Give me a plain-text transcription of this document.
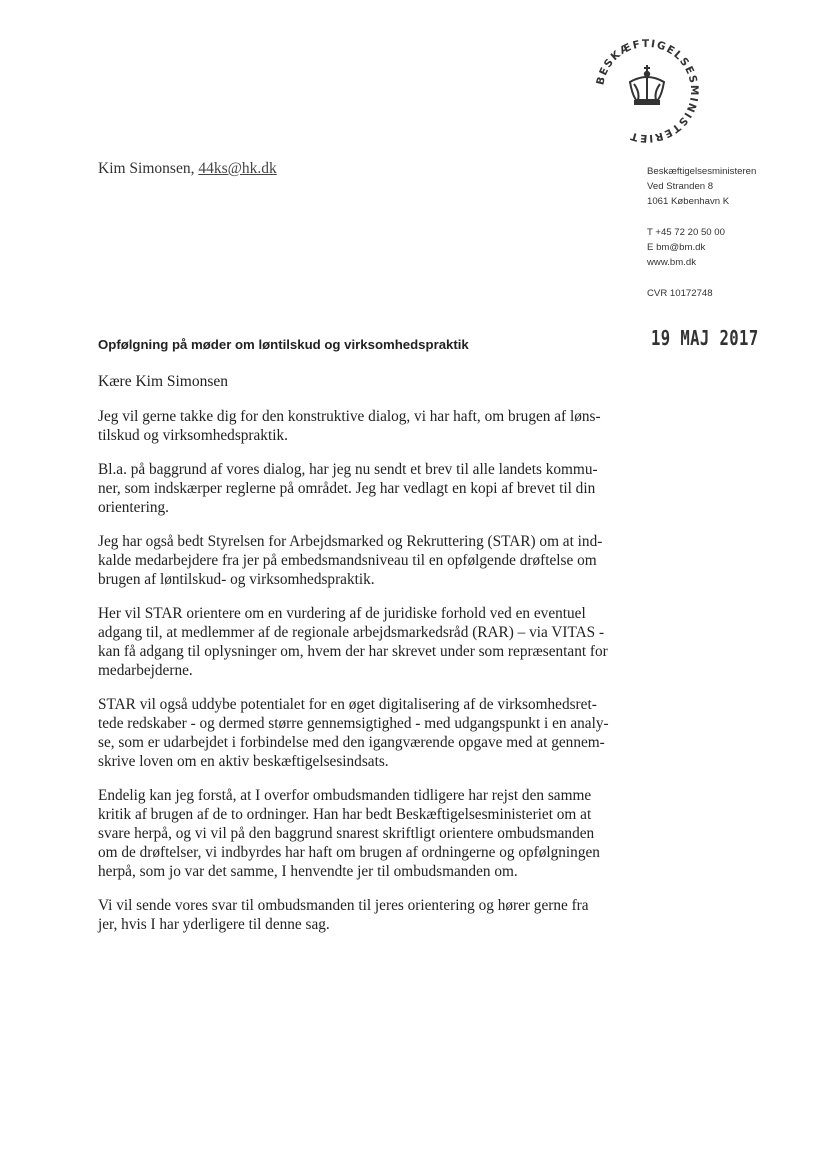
BESKÆFTIGELSESMINISTERIET
Kim Simonsen, 44ks@hk.dk	Beskæftigelsesministeren
Ved Stranden 8
1061 København K
T +45 72 20 50 00
E bm@bm.dk
www.bm.dk
CVR 10172748
19 MAJ 2017
Opfølgning på møder om løntilskud og virksomhedspraktik
Kære Kim Simonsen

Jeg vil gerne takke dig for den konstruktive dialog, vi har haft, om brugen af løns-
tilskud og virksomhedspraktik.

Bl.a. på baggrund af vores dialog, har jeg nu sendt et brev til alle landets kommu-
ner, som indskærper reglerne på området. Jeg har vedlagt en kopi af brevet til din
orientering.

Jeg har også bedt Styrelsen for Arbejdsmarked og Rekruttering (STAR) om at ind-
kalde medarbejdere fra jer på embedsmandsniveau til en opfølgende drøftelse om
brugen af løntilskud- og virksomhedspraktik.

Her vil STAR orientere om en vurdering af de juridiske forhold ved en eventuel
adgang til, at medlemmer af de regionale arbejdsmarkedsråd (RAR) – via VITAS -
kan få adgang til oplysninger om, hvem der har skrevet under som repræsentant for
medarbejderne.

STAR vil også uddybe potentialet for en øget digitalisering af de virksomhedsret-
tede redskaber - og dermed større gennemsigtighed - med udgangspunkt i en analy-
se, som er udarbejdet i forbindelse med den igangværende opgave med at gennem-
skrive loven om en aktiv beskæftigelsesindsats.

Endelig kan jeg forstå, at I overfor ombudsmanden tidligere har rejst den samme
kritik af brugen af de to ordninger. Han har bedt Beskæftigelsesministeriet om at
svare herpå, og vi vil på den baggrund snarest skriftligt orientere ombudsmanden
om de drøftelser, vi indbyrdes har haft om brugen af ordningerne og opfølgningen
herpå, som jo var det samme, I henvendte jer til ombudsmanden om.

Vi vil sende vores svar til ombudsmanden til jeres orientering og hører gerne fra
jer, hvis I har yderligere til denne sag.
